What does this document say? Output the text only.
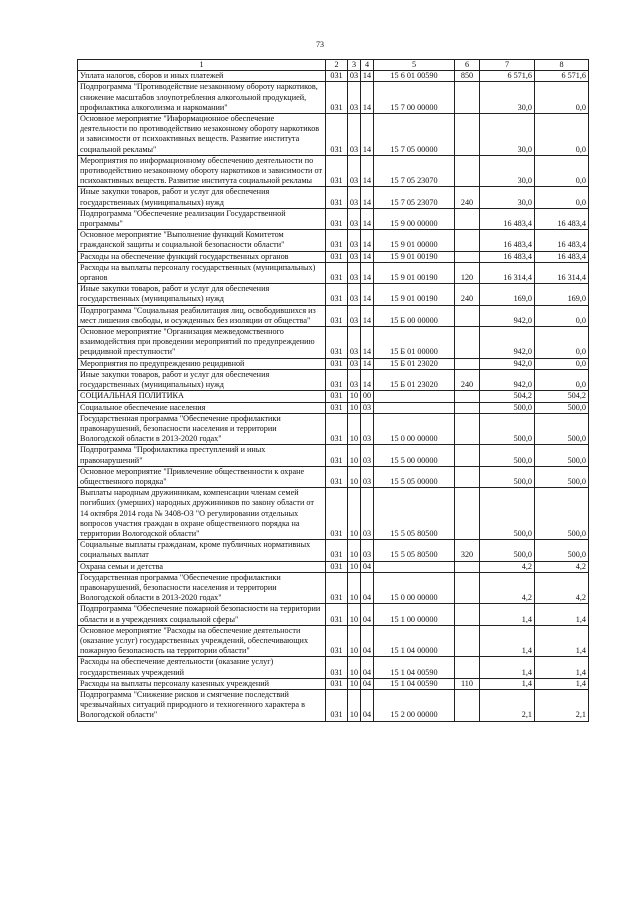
73
1	2	3	4	5	6	7	8
Уплата налогов, сборов и иных платежей	031	03	14	15 6 01 00590	850	6 571,6	6 571,6
Подпрограмма "Противодействие незаконному обороту наркотиков, снижение масштабов злоупотребления алкогольной продукцией, профилактика алкоголизма и наркомании"	031	03	14	15 7 00 00000		30,0	0,0
Основное мероприятие "Информационное обеспечение деятельности по противодействию незаконному обороту наркотиков и зависимости от психоактивных веществ. Развитие института социальной рекламы"	031	03	14	15 7 05 00000		30,0	0,0
Мероприятия по информационному обеспечению деятельности по противодействию незаконному обороту наркотиков и зависимости от психоактивных веществ. Развитие института социальной рекламы	031	03	14	15 7 05 23070		30,0	0,0
Иные закупки товаров, работ и услуг для обеспечения государственных (муниципальных) нужд	031	03	14	15 7 05 23070	240	30,0	0,0
Подпрограмма "Обеспечение реализации Государственной программы"	031	03	14	15 9 00 00000		16 483,4	16 483,4
Основное мероприятие "Выполнение функций Комитетом гражданской защиты и социальной безопасности области"	031	03	14	15 9 01 00000		16 483,4	16 483,4
Расходы на обеспечение функций государственных органов	031	03	14	15 9 01 00190		16 483,4	16 483,4
Расходы на выплаты персоналу государственных (муниципальных) органов	031	03	14	15 9 01 00190	120	16 314,4	16 314,4
Иные закупки товаров, работ и услуг для обеспечения государственных (муниципальных) нужд	031	03	14	15 9 01 00190	240	169,0	169,0
Подпрограмма "Социальная реабилитация лиц, освободившихся из мест лишения свободы, и осужденных без изоляции от общества"	031	03	14	15 Б 00 00000		942,0	0,0
Основное мероприятие "Организация межведомственного взаимодействия при проведении мероприятий по предупреждению рецидивной преступности"	031	03	14	15 Б 01 00000		942,0	0,0
Мероприятия по предупреждению рецидивной	031	03	14	15 Б 01 23020		942,0	0,0
Иные закупки товаров, работ и услуг для обеспечения государственных (муниципальных) нужд	031	03	14	15 Б 01 23020	240	942,0	0,0
СОЦИАЛЬНАЯ ПОЛИТИКА	031	10	00			504,2	504,2
Социальное обеспечение населения	031	10	03			500,0	500,0
Государственная программа "Обеспечение профилактики правонарушений, безопасности населения и территории Вологодской области в 2013-2020 годах"	031	10	03	15 0 00 00000		500,0	500,0
Подпрограмма "Профилактика преступлений и иных правонарушений"	031	10	03	15 5 00 00000		500,0	500,0
Основное мероприятие "Привлечение общественности к охране общественного порядка"	031	10	03	15 5 05 00000		500,0	500,0
Выплаты народным дружинникам, компенсации членам семей погибших (умерших) народных дружинников по закону области от 14 октября 2014 года № 3408-ОЗ "О регулировании отдельных вопросов участия граждан в охране общественного порядка на территории Вологодской области"	031	10	03	15 5 05 80500		500,0	500,0
Социальные выплаты гражданам, кроме публичных нормативных социальных выплат	031	10	03	15 5 05 80500	320	500,0	500,0
Охрана семьи и детства	031	10	04			4,2	4,2
Государственная программа "Обеспечение профилактики правонарушений, безопасности населения и территории Вологодской области в 2013-2020 годах"	031	10	04	15 0 00 00000		4,2	4,2
Подпрограмма "Обеспечение пожарной безопасности на территории области и в учреждениях социальной сферы"	031	10	04	15 1 00 00000		1,4	1,4
Основное мероприятие "Расходы на обеспечение деятельности (оказание услуг) государственных учреждений, обеспечивающих пожарную безопасность на территории области"	031	10	04	15 1 04 00000		1,4	1,4
Расходы на обеспечение деятельности (оказание услуг) государственных учреждений	031	10	04	15 1 04 00590		1,4	1,4
Расходы на выплаты персоналу казенных учреждений	031	10	04	15 1 04 00590	110	1,4	1,4
Подпрограмма "Снижение рисков и смягчение последствий чрезвычайных ситуаций природного и техногенного характера в Вологодской области"	031	10	04	15 2 00 00000		2,1	2,1
